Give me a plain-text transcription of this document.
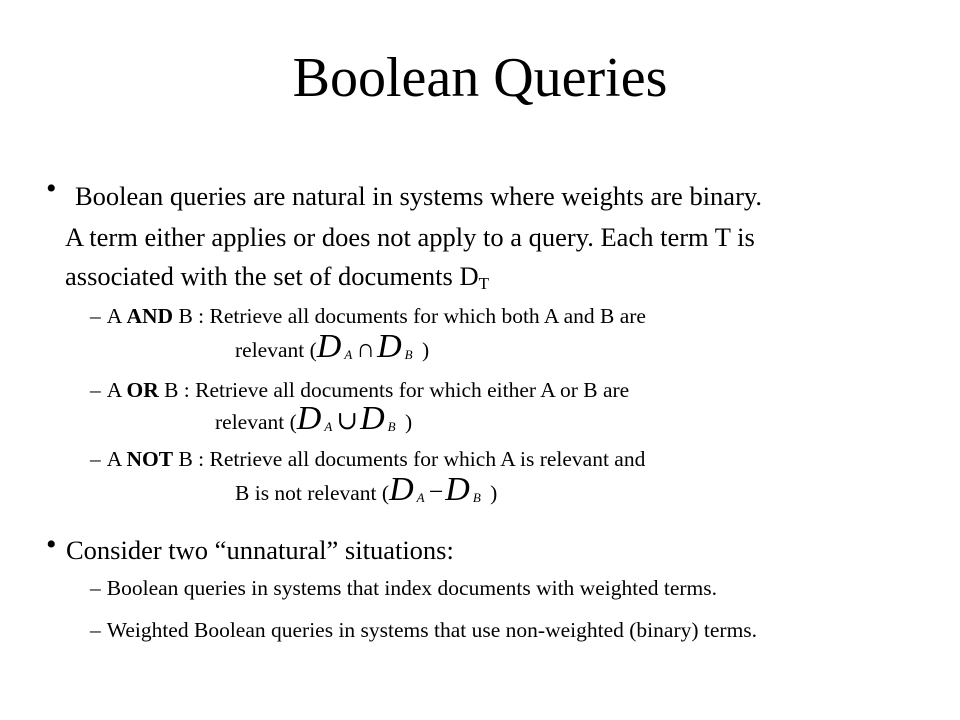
Boolean Queries
• Boolean queries are natural in systems where weights are binary.
A term either applies or does not apply to a query. Each term T is
associated with the set of documents DT
– A AND B : Retrieve all documents for which both A and B are
relevant (D A ∩D B )
– A OR B : Retrieve all documents for which either A or B are
relevant (D A ∪D B )
– A NOT B : Retrieve all documents for which A is relevant and
B is not relevant (D A −D B )
• Consider two “unnatural” situations:
– Boolean queries in systems that index documents with weighted terms.
– Weighted Boolean queries in systems that use non-weighted (binary) terms.
